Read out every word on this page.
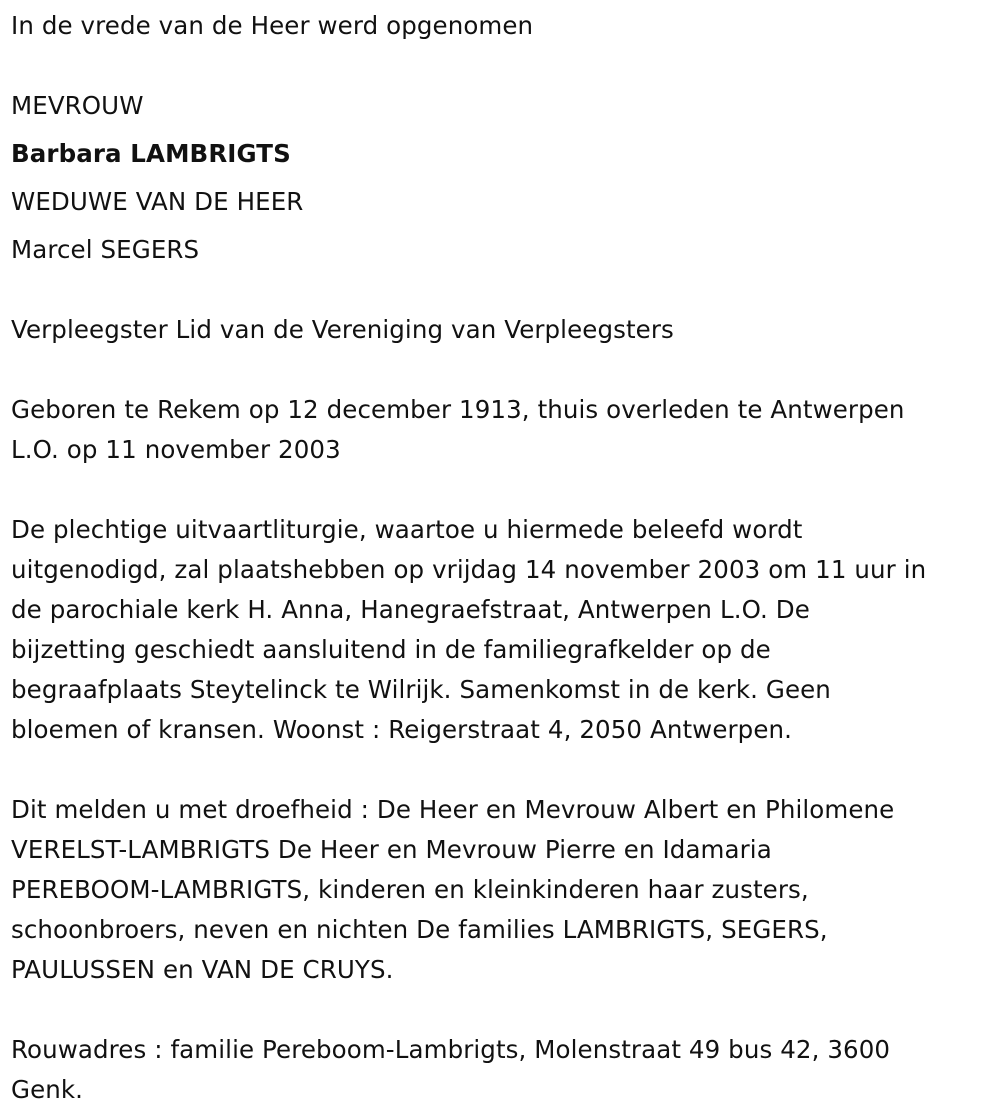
In de vrede van de Heer werd opgenomen
MEVROUW
Barbara LAMBRIGTS
WEDUWE VAN DE HEER
Marcel SEGERS
Verpleegster Lid van de Vereniging van Verpleegsters
Geboren te Rekem op 12 december 1913, thuis overleden te Antwerpen
L.O. op 11 november 2003
De plechtige uitvaartliturgie, waartoe u hiermede beleefd wordt
uitgenodigd, zal plaatshebben op vrijdag 14 november 2003 om 11 uur in
de parochiale kerk H. Anna, Hanegraefstraat, Antwerpen L.O. De
bijzetting geschiedt aansluitend in de familiegrafkelder op de
begraafplaats Steytelinck te Wilrijk. Samenkomst in de kerk. Geen
bloemen of kransen. Woonst : Reigerstraat 4, 2050 Antwerpen.
Dit melden u met droefheid : De Heer en Mevrouw Albert en Philomene
VERELST-LAMBRIGTS De Heer en Mevrouw Pierre en Idamaria
PEREBOOM-LAMBRIGTS, kinderen en kleinkinderen haar zusters,
schoonbroers, neven en nichten De families LAMBRIGTS, SEGERS,
PAULUSSEN en VAN DE CRUYS.
Rouwadres : familie Pereboom-Lambrigts, Molenstraat 49 bus 42, 3600
Genk.
